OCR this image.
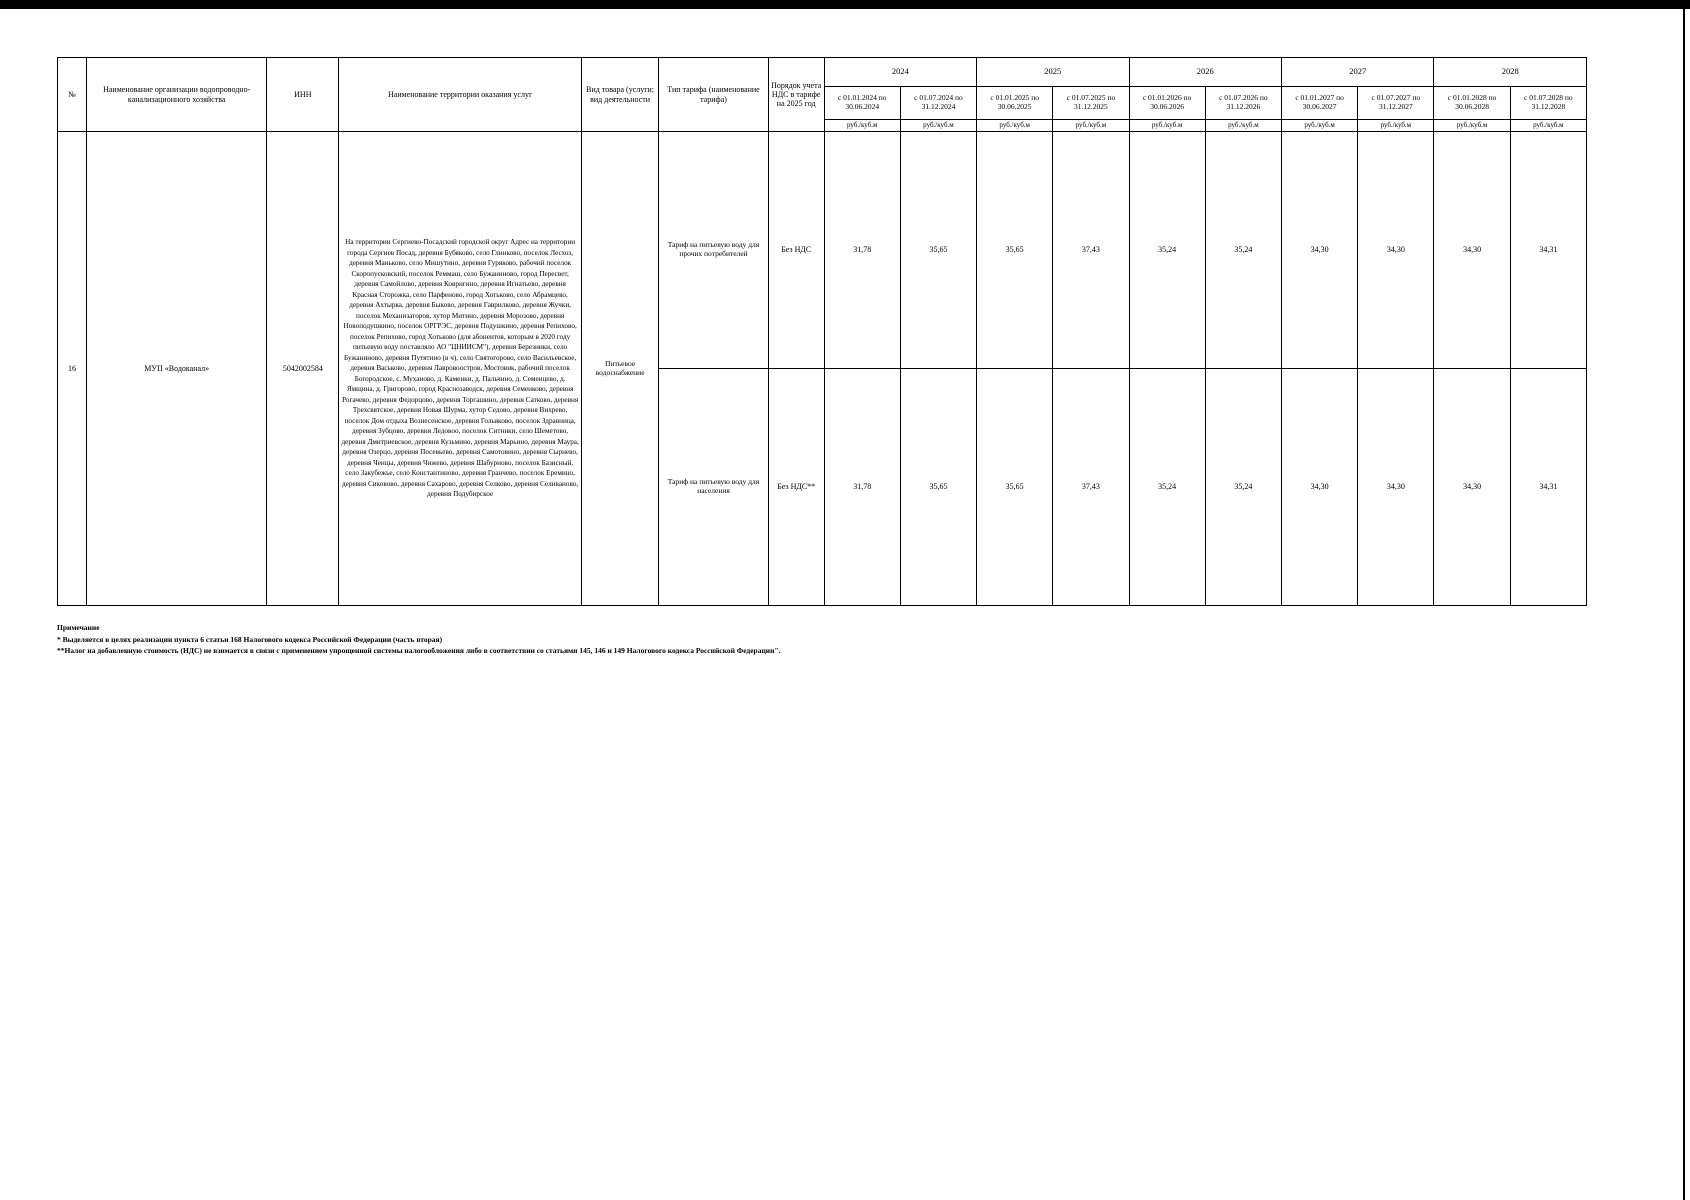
№	Наименование организации водопроводно-канализационного хозяйства	ИНН	Наименование территории оказания услуг	Вид товара (услуги; вид деятельности	Тип тарифа (наименование тарифа)	Порядок учета НДС в тарифе на 2025 год	2024		2025		2026		2027		2028	
							с 01.01.2024 по 30.06.2024	с 01.07.2024 по 31.12.2024	с 01.01.2025 по 30.06.2025	с 01.07.2025 по 31.12.2025	с 01.01.2026 по 30.06.2026	с 01.07.2026 по 31.12.2026	с 01.01.2027 по 30.06.2027	с 01.07.2027 по 31.12.2027	с 01.01.2028 по 30.06.2028	с 01.07.2028 по 31.12.2028
							руб./куб.м	руб./куб.м	руб./куб.м	руб./куб.м	руб./куб.м	руб./куб.м	руб./куб.м	руб./куб.м	руб./куб.м	руб./куб.м
16	МУП «Водоканал»	5042002584	На территории Сергиево-Посадский городской округ Адрес на территории города Сергиев Посад, деревня Бубяково, село Глинково, поселок Лесхоз, деревня Маньково, село Мишутино, деревня Гуряково, рабочий поселок Скоропусковский, поселок Реммаш, село Бужаниново, город Пересвет, деревня Самойлово, деревня Ковригино, деревня Игнатьево, деревня Красная Сторожка, село Парфеново, город Хотьково, село Абрамцево, деревня Ахтырка, деревня Быково, деревня Гаврилково, деревня Жучки, поселок Механизаторов, хутор Митино, деревня Морозово, деревня Новоподушкино, поселок ОРГРЭС, деревня Подушкино, деревня Репихово, поселок Репихово, город Хотьково (для абонентов, которым в 2020 году питьевую воду поставляло АО "ЦНИИСМ"), деревня Березники, село Бужаниново, деревня Путятино (в ч), село Святогорово, село Васильевское, деревня Васьково, деревня Лавровоостров, Мостовик, рабочий поселок Богородское, с. Муханово, д. Каменки, д. Пальчино, д. Семенцево, д. Ямщина, д. Григорово, город Краснозаводск, деревня Семенково, деревня Рогачево, деревня Федорцово, деревня Торгашино, деревня Сатково, деревня Трехсвятское, деревня Новая Шурма, хутор Седово, деревня Вихрево, поселок Дом отдыха Вознесенское, деревня Гольяково, поселок Здравница, деревня Зубцово, деревня Ледовоо, поселок Ситники, село Шеметово, деревня Дмитриевское, деревня Кузьмино, деревня Марьино, деревня Маура, деревня Озерцо, деревня Посевьево, деревня Самотовино, деревня Сырнево, деревня Ченцы, деревня Чижево, деревня Шабурново, поселок Базисный, село Закубежье, село Константиново, деревня Гранчево, поселок Еремино, деревня Сиковово, деревня Сахарово, деревня Селково, деревня Селиваново, деревня Подубирское	Питьевое водоснабжение	Тариф на питьевую воду для прочих потребителей	Без НДС	31,78	35,65	35,65	37,43	35,24	35,24	34,30	34,30	34,30	34,31
					Тариф на питьевую воду для населения	Без НДС**	31,78	35,65	35,65	37,43	35,24	35,24	34,30	34,30	34,30	34,31
Примечание
* Выделяется в целях реализации пункта 6 статьи 168 Налогового кодекса Российской Федерации (часть вторая)
**Налог на добавленную стоимость (НДС) не взимается в связи с применением упрощенной системы налогообложения либо в соответствии со статьями 145, 146 и 149 Налогового кодекса Российской Федерации".
